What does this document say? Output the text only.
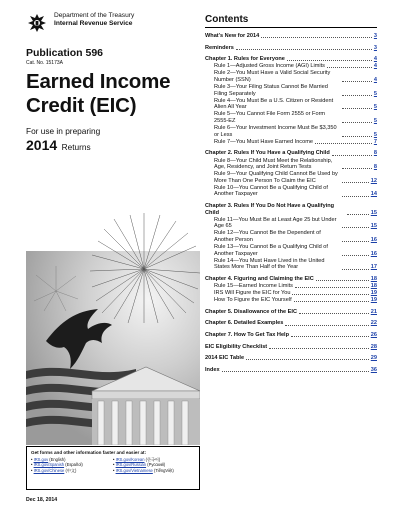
Department of the Treasury
Internal Revenue Service
Publication 596
Cat. No. 15173A
Earned Income
Credit (EIC)
For use in preparing
2014 Returns
Get forms and other information faster and easier at:
• IRS.gov (English)
• IRS.gov/Spanish (Español)
• IRS.gov/Chinese (中文)
• IRS.gov/Korean (한국어)
• IRS.gov/Russian (Pусский)
• IRS.gov/Vietnamese (TiếngViệt)
Dec 18, 2014
Contents
What's New for 2014	3
Reminders	3
Chapter 1. Rules for Everyone	4
Rule 1—Adjusted Gross Income (AGI) Limits	4
Rule 2—You Must Have a Valid Social Security Number (SSN)	4
Rule 3—Your Filing Status Cannot Be Married Filing Separately	5
Rule 4—You Must Be a U.S. Citizen or Resident Alien All Year	5
Rule 5—You Cannot File Form 2555 or Form 2555-EZ	5
Rule 6—Your Investment Income Must Be $3,350 or Less	5
Rule 7—You Must Have Earned Income	7
Chapter 2. Rules If You Have a Qualifying Child	8
Rule 8—Your Child Must Meet the Relationship, Age, Residency, and Joint Return Tests	8
Rule 9—Your Qualifying Child Cannot Be Used by More Than One Person To Claim the EIC	12
Rule 10—You Cannot Be a Qualifying Child of Another Taxpayer	14
Chapter 3. Rules If You Do Not Have a Qualifying Child	15
Rule 11—You Must Be at Least Age 25 but Under Age 65	15
Rule 12—You Cannot Be the Dependent of Another Person	16
Rule 13—You Cannot Be a Qualifying Child of Another Taxpayer	16
Rule 14—You Must Have Lived in the United States More Than Half of the Year	17
Chapter 4. Figuring and Claiming the EIC	18
Rule 15—Earned Income Limits	18
IRS Will Figure the EIC for You	19
How To Figure the EIC Yourself	19
Chapter 5. Disallowance of the EIC	21
Chapter 6. Detailed Examples	22
Chapter 7. How To Get Tax Help	26
EIC Eligibility Checklist	28
2014 EIC Table	29
Index	36
